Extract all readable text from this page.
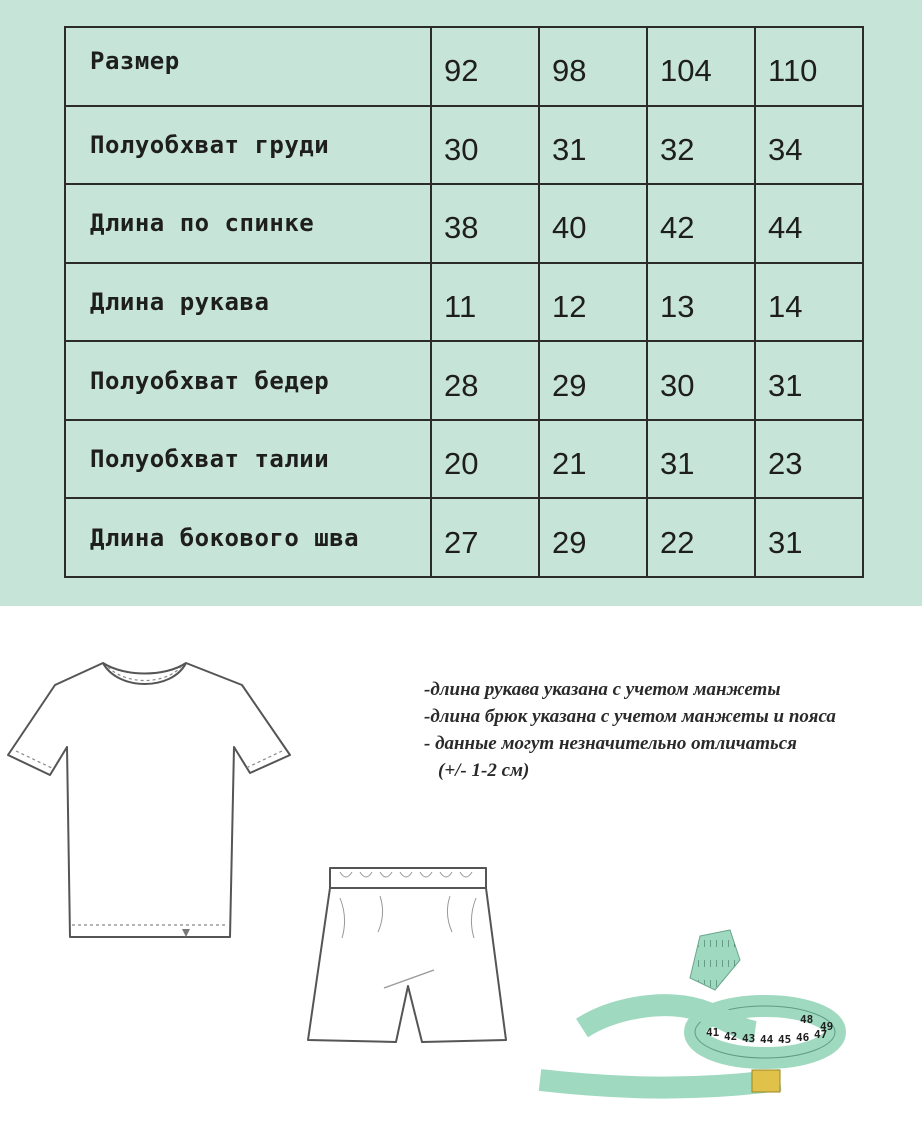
Размер	92	98	104	110
Полуобхват груди	30	31	32	34
Длина по спинке	38	40	42	44
Длина рукава	11	12	13	14
Полуобхват бедер	28	29	30	31
Полуобхват талии	20	21	31	23
Длина бокового шва	27	29	22	31
41 42 43 44 45 46 47
48
49
-длина рукава указана с учетом манжеты
-длина брюк указана с учетом манжеты и пояса
- данные могут незначительно отличаться
(+/- 1-2 см)
